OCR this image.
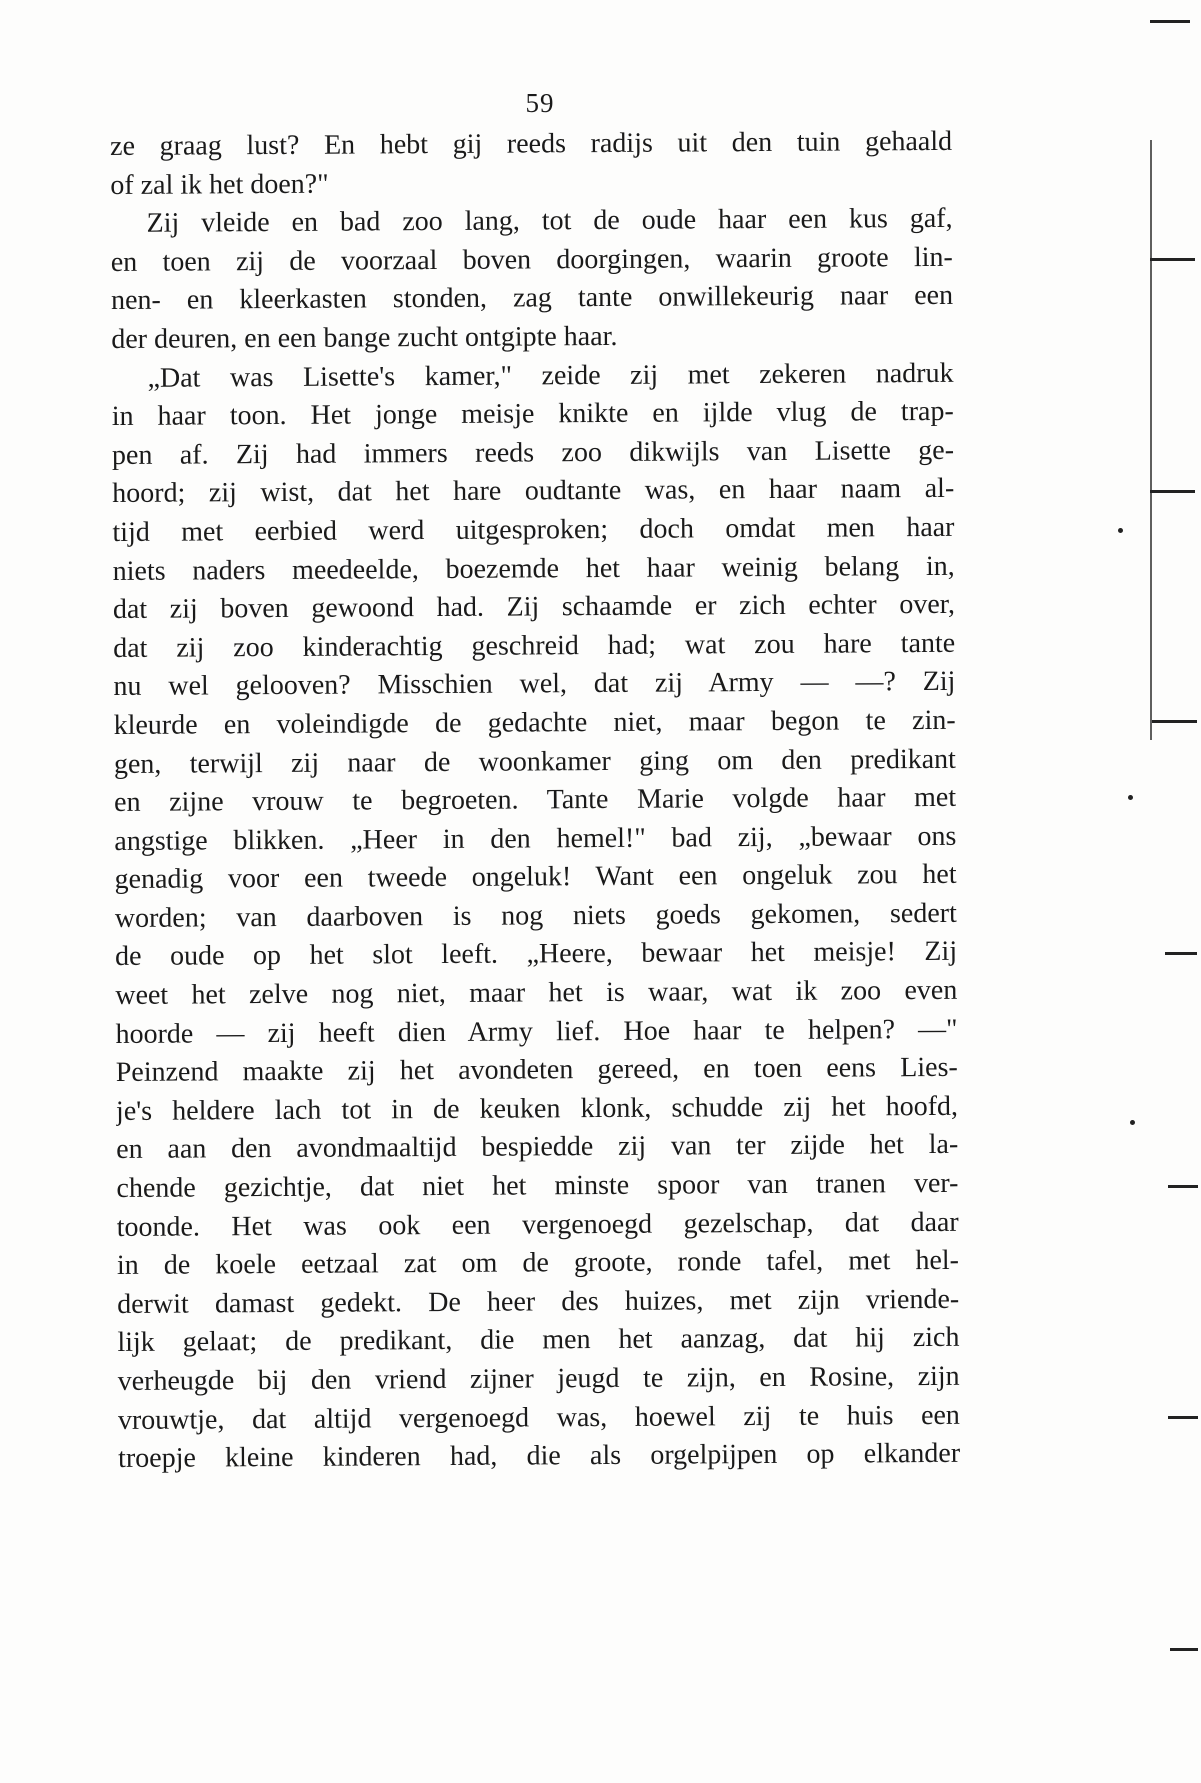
59
ze graag lust? En hebt gij reeds radijs uit den tuin gehaald
of zal ik het doen?"
Zij vleide en bad zoo lang, tot de oude haar een kus gaf,
en toen zij de voorzaal boven doorgingen, waarin groote lin-
nen- en kleerkasten stonden, zag tante onwillekeurig naar een
der deuren, en een bange zucht ontgipte haar.
„Dat was Lisette's kamer," zeide zij met zekeren nadruk
in haar toon. Het jonge meisje knikte en ijlde vlug de trap-
pen af. Zij had immers reeds zoo dikwijls van Lisette ge-
hoord; zij wist, dat het hare oudtante was, en haar naam al-
tijd met eerbied werd uitgesproken; doch omdat men haar
niets naders meedeelde, boezemde het haar weinig belang in,
dat zij boven gewoond had. Zij schaamde er zich echter over,
dat zij zoo kinderachtig geschreid had; wat zou hare tante
nu wel gelooven? Misschien wel, dat zij Army — —? Zij
kleurde en voleindigde de gedachte niet, maar begon te zin-
gen, terwijl zij naar de woonkamer ging om den predikant
en zijne vrouw te begroeten. Tante Marie volgde haar met
angstige blikken. „Heer in den hemel!" bad zij, „bewaar ons
genadig voor een tweede ongeluk! Want een ongeluk zou het
worden; van daarboven is nog niets goeds gekomen, sedert
de oude op het slot leeft. „Heere, bewaar het meisje! Zij
weet het zelve nog niet, maar het is waar, wat ik zoo even
hoorde — zij heeft dien Army lief. Hoe haar te helpen? —"
Peinzend maakte zij het avondeten gereed, en toen eens Lies-
je's heldere lach tot in de keuken klonk, schudde zij het hoofd,
en aan den avondmaaltijd bespiedde zij van ter zijde het la-
chende gezichtje, dat niet het minste spoor van tranen ver-
toonde. Het was ook een vergenoegd gezelschap, dat daar
in de koele eetzaal zat om de groote, ronde tafel, met hel-
derwit damast gedekt. De heer des huizes, met zijn vriende-
lijk gelaat; de predikant, die men het aanzag, dat hij zich
verheugde bij den vriend zijner jeugd te zijn, en Rosine, zijn
vrouwtje, dat altijd vergenoegd was, hoewel zij te huis een
troepje kleine kinderen had, die als orgelpijpen op elkander
